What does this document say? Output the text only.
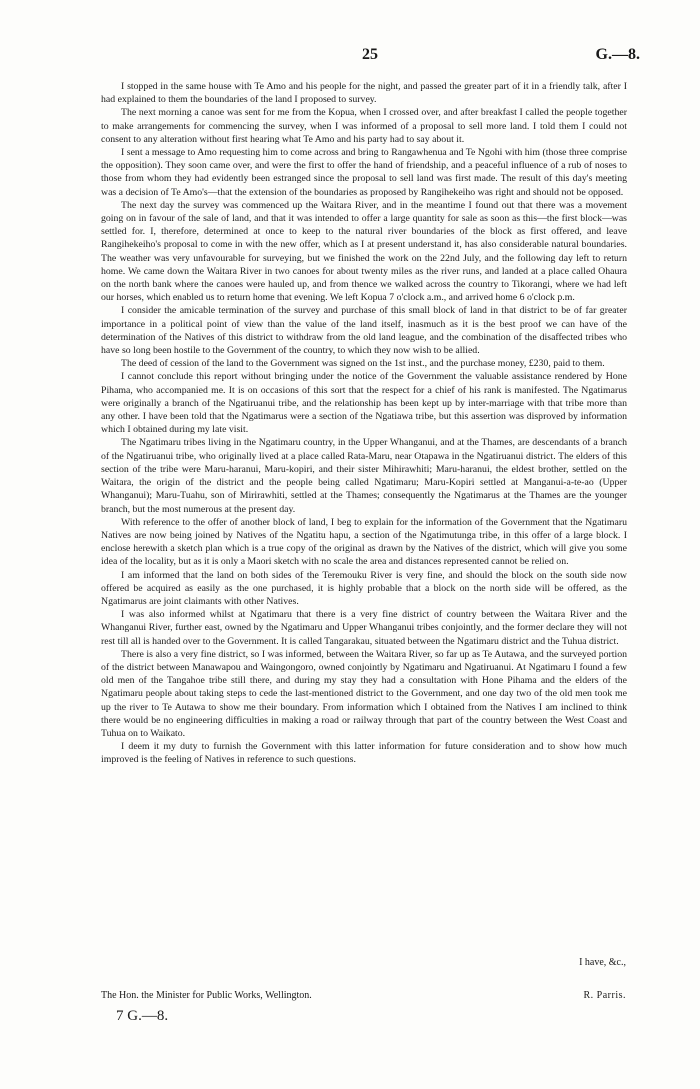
25	G.—8.

I stopped in the same house with Te Amo and his people for the night, and passed the greater part of it in a friendly talk, after I had explained to them the boundaries of the land I proposed to survey.

The next morning a canoe was sent for me from the Kopua, when I crossed over, and after breakfast I called the people together to make arrangements for commencing the survey, when I was informed of a proposal to sell more land. I told them I could not consent to any alteration without first hearing what Te Amo and his party had to say about it.

I sent a message to Amo requesting him to come across and bring to Rangawhenua and Te Ngohi with him (those three comprise the opposition). They soon came over, and were the first to offer the hand of friendship, and a peaceful influence of a rub of noses to those from whom they had evidently been estranged since the proposal to sell land was first made. The result of this day's meeting was a decision of Te Amo's—that the extension of the boundaries as proposed by Rangihekeiho was right and should not be opposed.

The next day the survey was commenced up the Waitara River, and in the meantime I found out that there was a movement going on in favour of the sale of land, and that it was intended to offer a large quantity for sale as soon as this—the first block—was settled for. I, therefore, determined at once to keep to the natural river boundaries of the block as first offered, and leave Rangihekeiho's proposal to come in with the new offer, which as I at present understand it, has also considerable natural boundaries. The weather was very unfavourable for surveying, but we finished the work on the 22nd July, and the following day left to return home. We came down the Waitara River in two canoes for about twenty miles as the river runs, and landed at a place called Ohaura on the north bank where the canoes were hauled up, and from thence we walked across the country to Tikorangi, where we had left our horses, which enabled us to return home that evening. We left Kopua 7 o'clock a.m., and arrived home 6 o'clock p.m.

I consider the amicable termination of the survey and purchase of this small block of land in that district to be of far greater importance in a political point of view than the value of the land itself, inasmuch as it is the best proof we can have of the determination of the Natives of this district to withdraw from the old land league, and the combination of the disaffected tribes who have so long been hostile to the Government of the country, to which they now wish to be allied.

The deed of cession of the land to the Government was signed on the 1st inst., and the purchase money, £230, paid to them.

I cannot conclude this report without bringing under the notice of the Government the valuable assistance rendered by Hone Pihama, who accompanied me. It is on occasions of this sort that the respect for a chief of his rank is manifested. The Ngatimarus were originally a branch of the Ngatiruanui tribe, and the relationship has been kept up by inter-marriage with that tribe more than any other. I have been told that the Ngatimarus were a section of the Ngatiawa tribe, but this assertion was disproved by information which I obtained during my late visit.

The Ngatimaru tribes living in the Ngatimaru country, in the Upper Whanganui, and at the Thames, are descendants of a branch of the Ngatiruanui tribe, who originally lived at a place called Rata-Maru, near Otapawa in the Ngatiruanui district. The elders of this section of the tribe were Maru-haranui, Maru-kopiri, and their sister Mihirawhiti; Maru-haranui, the eldest brother, settled on the Waitara, the origin of the district and the people being called Ngatimaru; Maru-Kopiri settled at Manganui-a-te-ao (Upper Whanganui); Maru-Tuahu, son of Mirirawhiti, settled at the Thames; consequently the Ngatimarus at the Thames are the younger branch, but the most numerous at the present day.

With reference to the offer of another block of land, I beg to explain for the information of the Government that the Ngatimaru Natives are now being joined by Natives of the Ngatitu hapu, a section of the Ngatimutunga tribe, in this offer of a large block. I enclose herewith a sketch plan which is a true copy of the original as drawn by the Natives of the district, which will give you some idea of the locality, but as it is only a Maori sketch with no scale the area and distances represented cannot be relied on.

I am informed that the land on both sides of the Teremouku River is very fine, and should the block on the south side now offered be acquired as easily as the one purchased, it is highly probable that a block on the north side will be offered, as the Ngatimarus are joint claimants with other Natives.

I was also informed whilst at Ngatimaru that there is a very fine district of country between the Waitara River and the Whanganui River, further east, owned by the Ngatimaru and Upper Whanganui tribes conjointly, and the former declare they will not rest till all is handed over to the Government. It is called Tangarakau, situated between the Ngatimaru district and the Tuhua district.

There is also a very fine district, so I was informed, between the Waitara River, so far up as Te Autawa, and the surveyed portion of the district between Manawapou and Waingongoro, owned conjointly by Ngatimaru and Ngatiruanui. At Ngatimaru I found a few old men of the Tangahoe tribe still there, and during my stay they had a consultation with Hone Pihama and the elders of the Ngatimaru people about taking steps to cede the last-mentioned district to the Government, and one day two of the old men took me up the river to Te Autawa to show me their boundary. From information which I obtained from the Natives I am inclined to think there would be no engineering difficulties in making a road or railway through that part of the country between the West Coast and Tuhua on to Waikato.

I deem it my duty to furnish the Government with this latter information for future consideration and to show how much improved is the feeling of Natives in reference to such questions.

I have, &c.,
The Hon. the Minister for Public Works, Wellington.	R. Parris.
7 G.—8.
